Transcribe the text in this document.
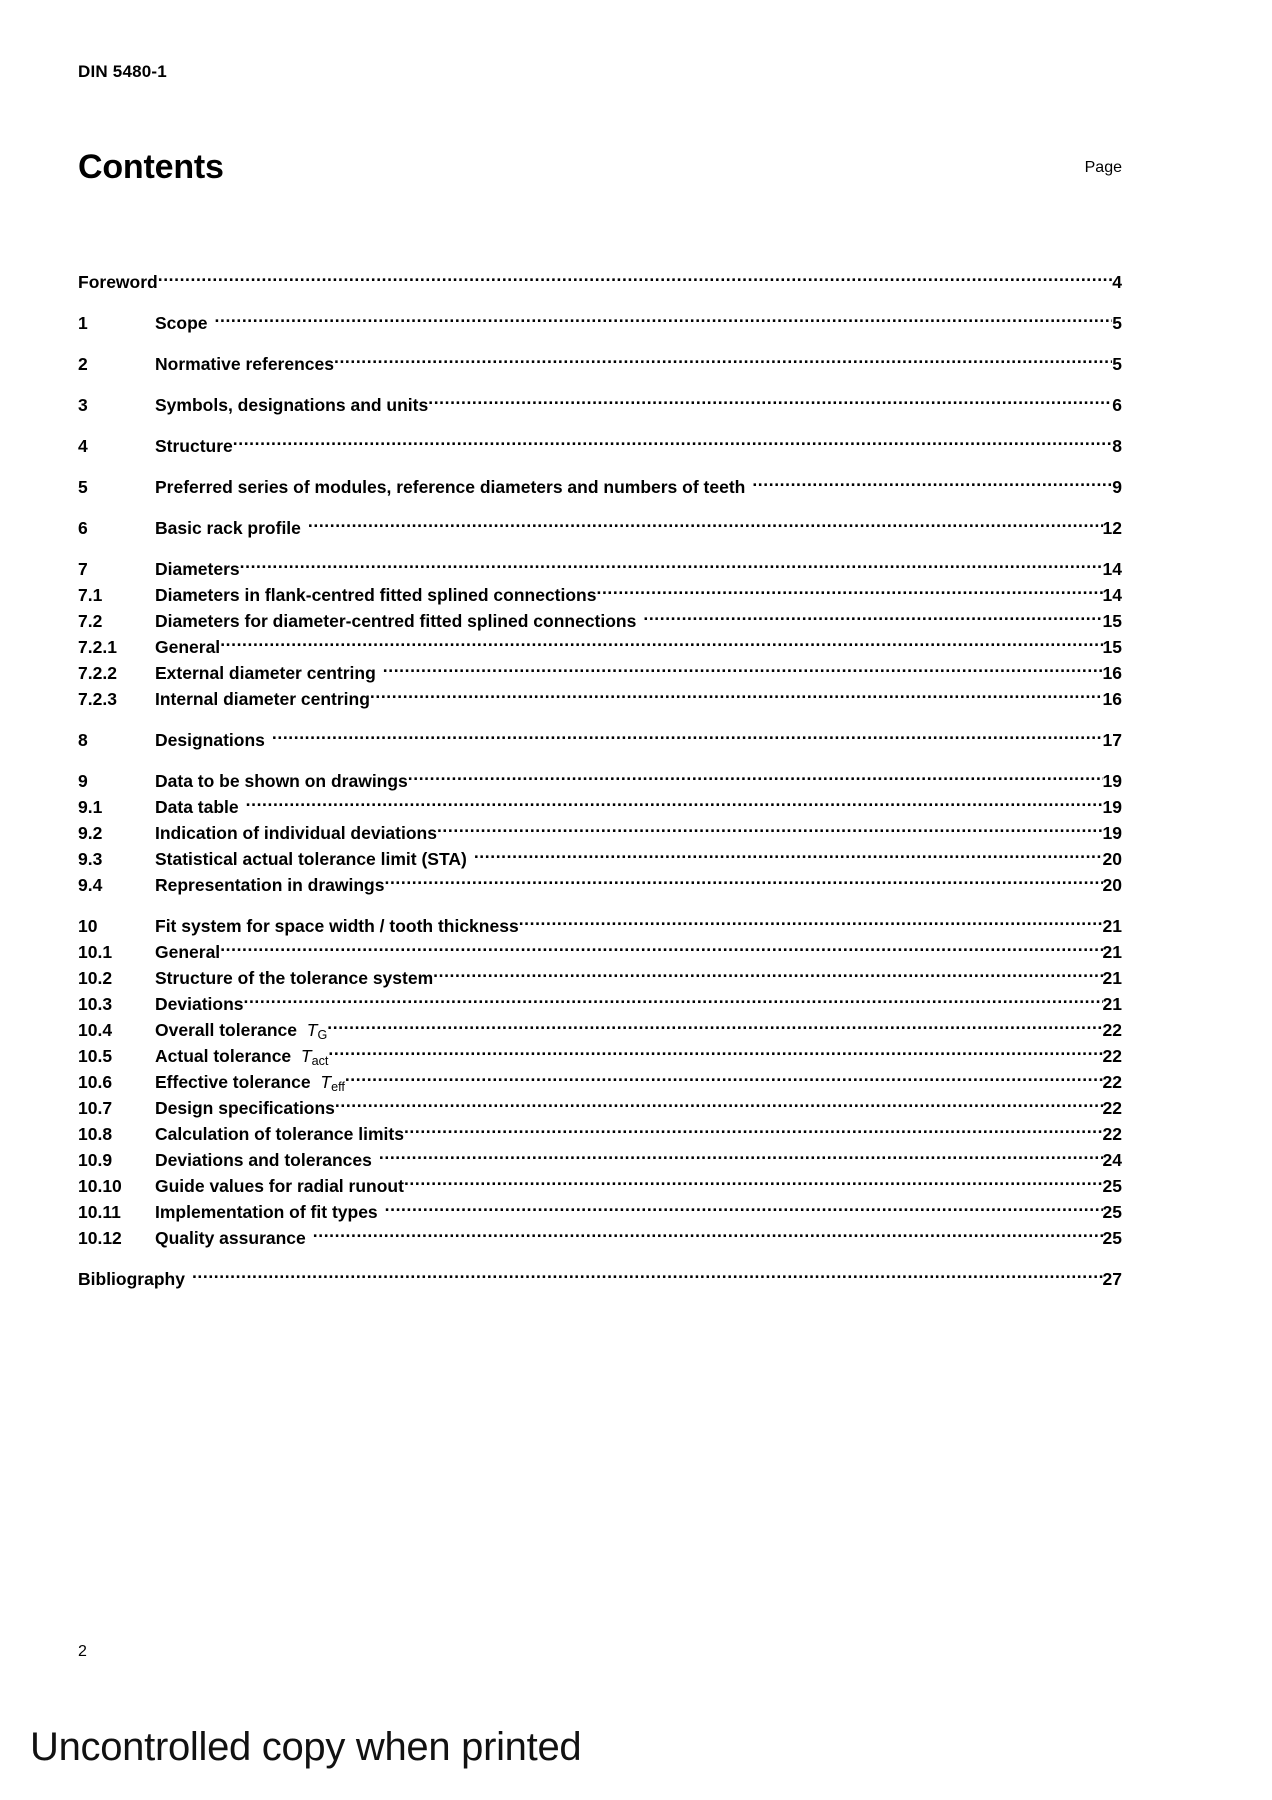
DIN 5480-1
Contents	Page
Foreword .....	4
1	Scope .....	5
2	Normative references .....	5
3	Symbols, designations and units .....	6
4	Structure .....	8
5	Preferred series of modules, reference diameters and numbers of teeth .....	9
6	Basic rack profile .....	12
7	Diameters .....	14
7.1	Diameters in flank-centred fitted splined connections .....	14
7.2	Diameters for diameter-centred fitted splined connections .....	15
7.2.1	General .....	15
7.2.2	External diameter centring .....	16
7.2.3	Internal diameter centring .....	16
8	Designations .....	17
9	Data to be shown on drawings .....	19
9.1	Data table .....	19
9.2	Indication of individual deviations .....	19
9.3	Statistical actual tolerance limit (STA) .....	20
9.4	Representation in drawings .....	20
10	Fit system for space width / tooth thickness .....	21
10.1	General .....	21
10.2	Structure of the tolerance system .....	21
10.3	Deviations .....	21
10.4	Overall tolerance $T_G$ .....	22
10.5	Actual tolerance $T_{act}$ .....	22
10.6	Effective tolerance $T_{eff}$ .....	22
10.7	Design specifications .....	22
10.8	Calculation of tolerance limits .....	22
10.9	Deviations and tolerances .....	24
10.10	Guide values for radial runout .....	25
10.11	Implementation of fit types .....	25
10.12	Quality assurance .....	25
Bibliography .....	27
2
Uncontrolled copy when printed
